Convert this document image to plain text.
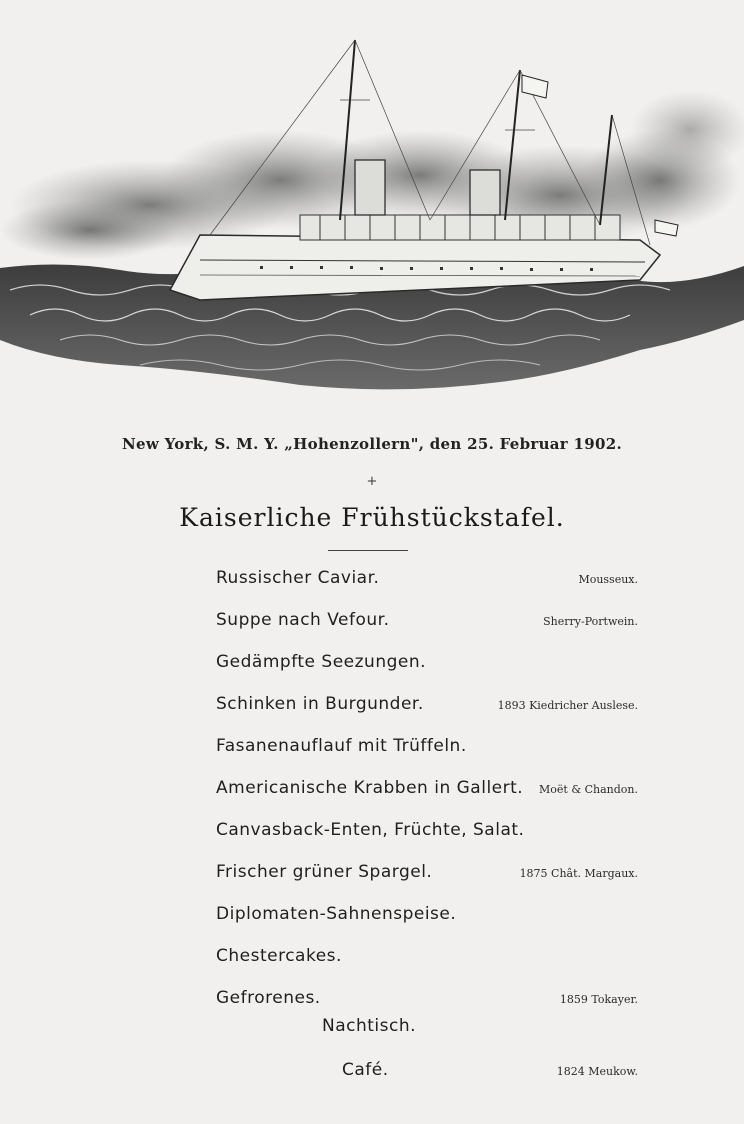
New York, S. M. Y. „Hohenzollern", den 25. Februar 1902.
+
Kaiserliche Frühstückstafel.
Russischer Caviar.
Suppe nach Vefour.
Gedämpfte Seezungen.
Schinken in Burgunder.
Fasanenauflauf mit Trüffeln.
Americanische Krabben in Gallert.
Canvasback-Enten, Früchte, Salat.
Frischer grüner Spargel.
Diplomaten-Sahnenspeise.
Chestercakes.
Gefrorenes.
Nachtisch.
Café.
Mousseux.
Sherry-Portwein.
1893 Kiedricher Auslese.
Moët & Chandon.
1875 Chât. Margaux.
1859 Tokayer.
1824 Meukow.
